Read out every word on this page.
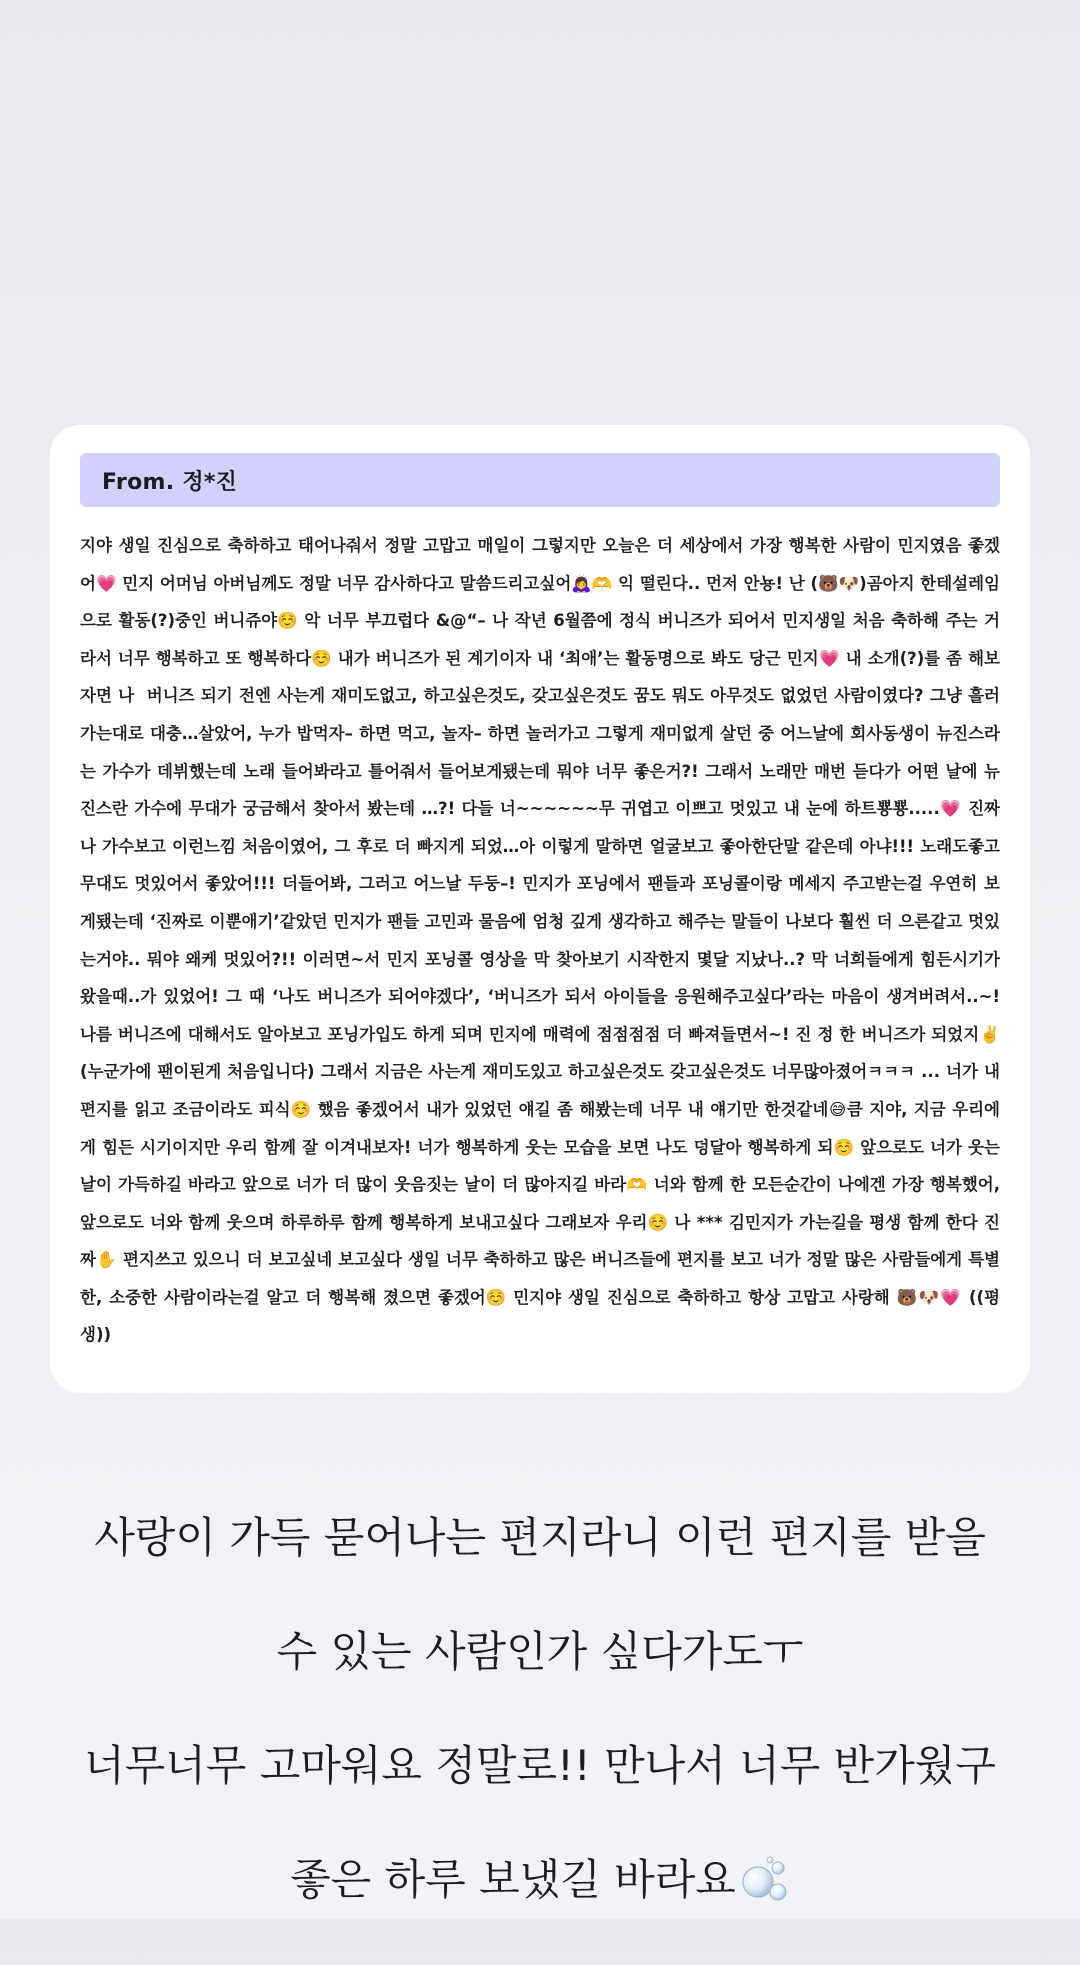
From. 정*진
지야 생일 진심으로 축하하고 태어나줘서 정말 고맙고 매일이 그렇지만 오늘은 더 세상에서 가장 행복한 사람이 민지였음 좋겠어💗 민지 어머님 아버님께도 정말 너무 감사하다고 말씀드리고싶어🙇‍♀️🫶 익 떨린다.. 먼저 안뇽! 난 (🐻🐶)곰아지 한테설레임 으로 활동(?)중인 버니쥬야☺️ 악 너무 부끄럽다 &@“– 나 작년 6월쯤에 정식 버니즈가 되어서 민지생일 처음 축하해 주는 거라서 너무 행복하고 또 행복하다☺️ 내가 버니즈가 된 계기이자 내 ‘최애’는 활동명으로 봐도 당근 민지💗 내 소개(?)를 좀 해보자면 나  버니즈 되기 전엔 사는게 재미도없고, 하고싶은것도, 갖고싶은것도 꿈도 뭐도 아무것도 없었던 사람이였다? 그냥 흘러가는대로 대충…살았어, 누가 밥먹자– 하면 먹고, 놀자– 하면 놀러가고 그렇게 재미없게 살던 중 어느날에 회사동생이 뉴진스라는 가수가 데뷔했는데 노래 들어봐라고 틀어줘서 들어보게됐는데 뭐야 너무 좋은거?! 그래서 노래만 매번 듣다가 어떤 날에 뉴진스란 가수에 무대가 궁금해서 찾아서 봤는데 …?! 다들 너~~~~~~무 귀엽고 이쁘고 멋있고 내 눈에 하트뿅뿅.....💗 진짜 나 가수보고 이런느낌 처음이였어, 그 후로 더 빠지게 되었…아 이렇게 말하면 얼굴보고 좋아한단말 같은데 아냐!!! 노래도좋고 무대도 멋있어서 좋았어!!! 더들어봐, 그러고 어느날 두둥–! 민지가 포닝에서 팬들과 포닝콜이랑 메세지 주고받는걸 우연히 보게됐는데 ‘진짜로 이뿐애기’같았던 민지가 팬들 고민과 물음에 엄청 깊게 생각하고 해주는 말들이 나보다 훨씬 더 으른같고 멋있는거야.. 뭐야 왜케 멋있어?!! 이러면~서 민지 포닝콜 영상을 막 찾아보기 시작한지 몇달 지났나..? 막 너희들에게 힘든시기가 왔을때..가 있었어! 그 때 ‘나도 버니즈가 되어야겠다’, ‘버니즈가 되서 아이들을 응원해주고싶다’라는 마음이 생겨버려서..~! 나름 버니즈에 대해서도 알아보고 포닝가입도 하게 되며 민지에 매력에 점점점점 더 빠져들면서~! 진 정 한 버니즈가 되었지✌️(누군가에 팬이된게 처음입니다) 그래서 지금은 사는게 재미도있고 하고싶은것도 갖고싶은것도 너무많아졌어ㅋㅋㅋ ... 너가 내 편지를 읽고 조금이라도 피식☺️ 했음 좋겠어서 내가 있었던 얘길 좀 해봤는데 너무 내 얘기만 한것같네😅큼 지야, 지금 우리에게 힘든 시기이지만 우리 함께 잘 이겨내보자! 너가 행복하게 웃는 모습을 보면 나도 덩달아 행복하게 되☺️ 앞으로도 너가 웃는날이 가득하길 바라고 앞으로 너가 더 많이 웃음짓는 날이 더 많아지길 바라🫶 너와 함께 한 모든순간이 나에겐 가장 행복했어, 앞으로도 너와 함께 웃으며 하루하루 함께 행복하게 보내고싶다 그래보자 우리☺️ 나 *** 김민지가 가는길을 평생 함께 한다 진짜✋ 편지쓰고 있으니 더 보고싶네 보고싶다 생일 너무 축하하고 많은 버니즈들에 편지를 보고 너가 정말 많은 사람들에게 특별한, 소중한 사람이라는걸 알고 더 행복해 졌으면 좋겠어☺️ 민지야 생일 진심으로 축하하고 항상 고맙고 사랑해 🐻🐶💗 ((평생))

사랑이 가득 묻어나는 편지라니 이런 편지를 받을

수 있는 사람인가 싶다가도ㅜ

너무너무 고마워요 정말로!! 만나서 너무 반가웠구

좋은 하루 보냈길 바라요
